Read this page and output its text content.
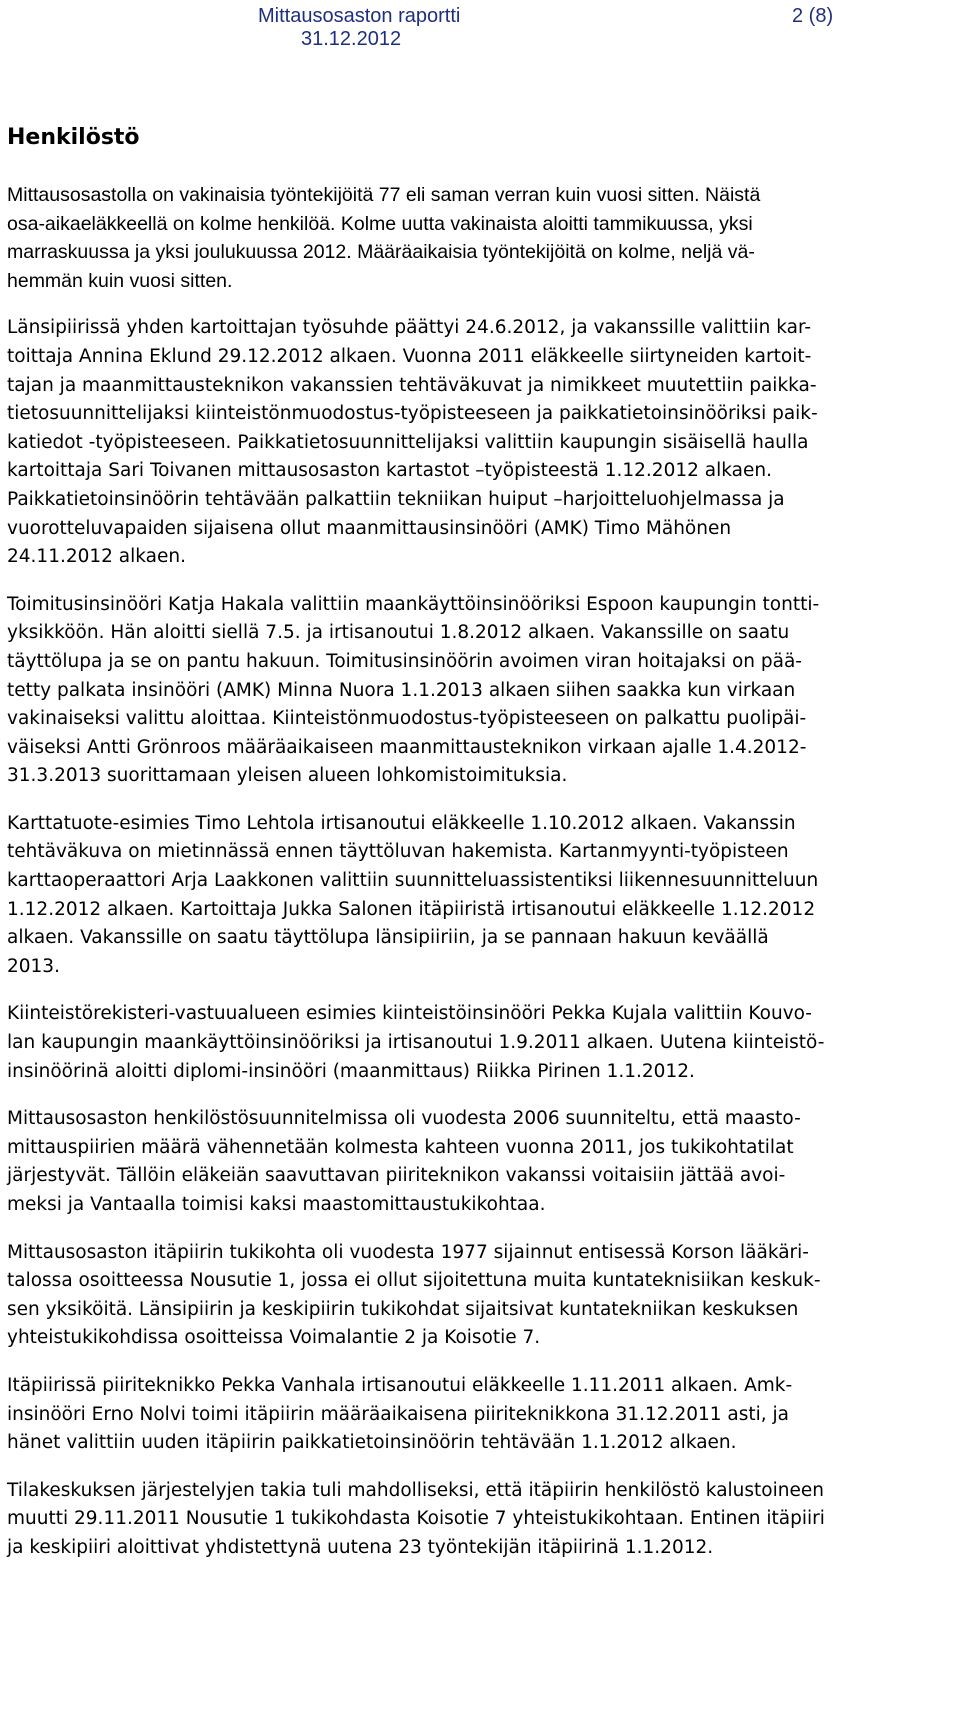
Mittausosaston raportti	2 (8)
31.12.2012
Henkilöstö
Mittausosastolla on vakinaisia työntekijöitä 77 eli saman verran kuin vuosi sitten. Näistä
osa-aikaeläkkeellä on kolme henkilöä. Kolme uutta vakinaista aloitti tammikuussa, yksi
marraskuussa ja yksi joulukuussa 2012. Määräaikaisia työntekijöitä on kolme, neljä vä-
hemmän kuin vuosi sitten.
Länsipiirissä yhden kartoittajan työsuhde päättyi 24.6.2012, ja vakanssille valittiin kar-
toittaja Annina Eklund 29.12.2012 alkaen. Vuonna 2011 eläkkeelle siirtyneiden kartoit-
tajan ja maanmittausteknikon vakanssien tehtäväkuvat ja nimikkeet muutettiin paikka-
tietosuunnittelijaksi kiinteistönmuodostus-työpisteeseen ja paikkatietoinsinööriksi paik-
katiedot -työpisteeseen. Paikkatietosuunnittelijaksi valittiin kaupungin sisäisellä haulla
kartoittaja Sari Toivanen mittausosaston kartastot –työpisteestä 1.12.2012 alkaen.
Paikkatietoinsinöörin tehtävään palkattiin tekniikan huiput –harjoitteluohjelmassa ja
vuorotteluvapaiden sijaisena ollut maanmittausinsinööri (AMK) Timo Mähönen
24.11.2012 alkaen.
Toimitusinsinööri Katja Hakala valittiin maankäyttöinsinööriksi Espoon kaupungin tontti-
yksikköön. Hän aloitti siellä 7.5. ja irtisanoutui 1.8.2012 alkaen. Vakanssille on saatu
täyttölupa ja se on pantu hakuun. Toimitusinsinöörin avoimen viran hoitajaksi on pää-
tetty palkata insinööri (AMK) Minna Nuora 1.1.2013 alkaen siihen saakka kun virkaan
vakinaiseksi valittu aloittaa. Kiinteistönmuodostus-työpisteeseen on palkattu puolipäi-
väiseksi Antti Grönroos määräaikaiseen maanmittausteknikon virkaan ajalle 1.4.2012-
31.3.2013 suorittamaan yleisen alueen lohkomistoimituksia.
Karttatuote-esimies Timo Lehtola irtisanoutui eläkkeelle 1.10.2012 alkaen. Vakanssin
tehtäväkuva on mietinnässä ennen täyttöluvan hakemista. Kartanmyynti-työpisteen
karttaoperaattori Arja Laakkonen valittiin suunnitteluassistentiksi liikennesuunnitteluun
1.12.2012 alkaen. Kartoittaja Jukka Salonen itäpiiristä irtisanoutui eläkkeelle 1.12.2012
alkaen. Vakanssille on saatu täyttölupa länsipiiriin, ja se pannaan hakuun keväällä
2013.
Kiinteistörekisteri-vastuualueen esimies kiinteistöinsinööri Pekka Kujala valittiin Kouvo-
lan kaupungin maankäyttöinsinööriksi ja irtisanoutui 1.9.2011 alkaen. Uutena kiinteistö-
insinöörinä aloitti diplomi-insinööri (maanmittaus) Riikka Pirinen 1.1.2012.
Mittausosaston henkilöstösuunnitelmissa oli vuodesta 2006 suunniteltu, että maasto-
mittauspiirien määrä vähennetään kolmesta kahteen vuonna 2011, jos tukikohtatilat
järjestyvät. Tällöin eläkeiän saavuttavan piiriteknikon vakanssi voitaisiin jättää avoi-
meksi ja Vantaalla toimisi kaksi maastomittaustukikohtaa.
Mittausosaston itäpiirin tukikohta oli vuodesta 1977 sijainnut entisessä Korson lääkäri-
talossa osoitteessa Nousutie 1, jossa ei ollut sijoitettuna muita kuntateknisiikan keskuk-
sen yksiköitä. Länsipiirin ja keskipiirin tukikohdat sijaitsivat kuntatekniikan keskuksen
yhteistukikohdissa osoitteissa Voimalantie 2 ja Koisotie 7.
Itäpiirissä piiriteknikko Pekka Vanhala irtisanoutui eläkkeelle 1.11.2011 alkaen. Amk-
insinööri Erno Nolvi toimi itäpiirin määräaikaisena piiriteknikkona 31.12.2011 asti, ja
hänet valittiin uuden itäpiirin paikkatietoinsinöörin tehtävään 1.1.2012 alkaen.
Tilakeskuksen järjestelyjen takia tuli mahdolliseksi, että itäpiirin henkilöstö kalustoineen
muutti 29.11.2011 Nousutie 1 tukikohdasta Koisotie 7 yhteistukikohtaan. Entinen itäpiiri
ja keskipiiri aloittivat yhdistettynä uutena 23 työntekijän itäpiirinä 1.1.2012.
